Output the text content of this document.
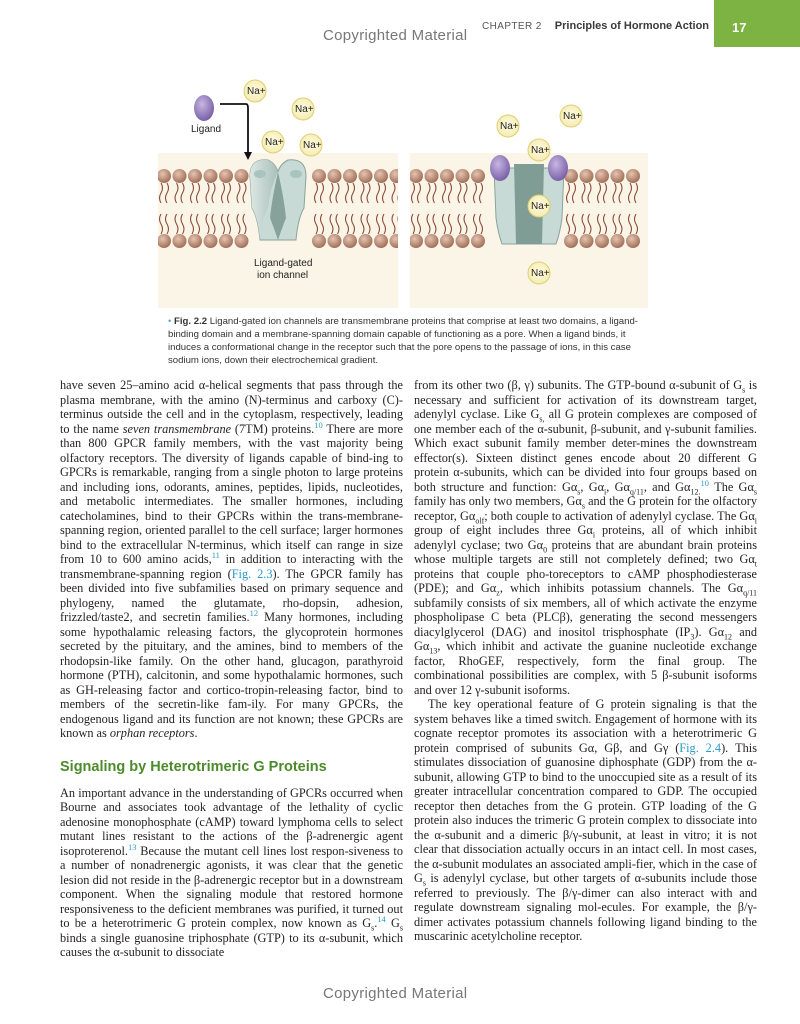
Copyrighted Material
CHAPTER 2 Principles of Hormone Action 17
Ligand
Na+
Na+
Na+ Na+
Ligand-gated
ion channel
Na+
Na+
Na+
Na+
Na+
• Fig. 2.2 Ligand-gated ion channels are transmembrane proteins that comprise at least two domains, a ligand-binding domain and a membrane-spanning domain capable of functioning as a pore. When a ligand binds, it induces a conformational change in the receptor such that the pore opens to the passage of ions, in this case sodium ions, down their electrochemical gradient.

have seven 25–amino acid α-helical segments that pass through the plasma membrane, with the amino (N)-terminus and carboxy (C)-terminus outside the cell and in the cytoplasm, respectively, leading to the name seven transmembrane (7TM) proteins.$^{10}$ There are more than 800 GPCR family members, with the vast majority being olfactory receptors. The diversity of ligands capable of bind-ing to GPCRs is remarkable, ranging from a single photon to large proteins and including ions, odorants, amines, peptides, lipids, nucleotides, and metabolic intermediates. The smaller hormones, including catecholamines, bind to their GPCRs within the trans-membrane-spanning region, oriented parallel to the cell surface; larger hormones bind to the extracellular N-terminus, which itself can range in size from 10 to 600 amino acids,$^{11}$ in addition to interacting with the transmembrane-spanning region (Fig. 2.3). The GPCR family has been divided into five subfamilies based on primary sequence and phylogeny, named the glutamate, rho-dopsin, adhesion, frizzled/taste2, and secretin families.$^{12}$ Many hormones, including some hypothalamic releasing factors, the glycoprotein hormones secreted by the pituitary, and the amines, bind to members of the rhodopsin-like family. On the other hand, glucagon, parathyroid hormone (PTH), calcitonin, and some hypothalamic hormones, such as GH-releasing factor and cortico-tropin-releasing factor, bind to members of the secretin-like fam-ily. For many GPCRs, the endogenous ligand and its function are not known; these GPCRs are known as orphan receptors.

Signaling by Heterotrimeric G Proteins

An important advance in the understanding of GPCRs occurred when Bourne and associates took advantage of the lethality of cyclic adenosine monophosphate (cAMP) toward lymphoma cells to select mutant lines resistant to the actions of the β-adrenergic agent isoproterenol.$^{13}$ Because the mutant cell lines lost respon-siveness to a number of nonadrenergic agonists, it was clear that the genetic lesion did not reside in the β-adrenergic receptor but in a downstream component. When the signaling module that restored hormone responsiveness to the deficient membranes was purified, it turned out to be a heterotrimeric G protein complex, now known as $G_s.^{14}$ $G_s$ binds a single guanosine triphosphate (GTP) to its α-subunit, which causes the α-subunit to dissociate

from its other two (β, γ) subunits. The GTP-bound α-subunit of $G_s$ is necessary and sufficient for activation of its downstream target, adenylyl cyclase. Like $G_{s,}$ all G protein complexes are composed of one member each of the α-subunit, β-subunit, and γ-subunit families. Which exact subunit family member deter-mines the downstream effector(s). Sixteen distinct genes encode about 20 different G protein α-subunits, which can be divided into four groups based on both structure and function: $G\alpha_s$, $G\alpha_i$, $G\alpha_{q/11}$, and $G\alpha_{12.}^{10}$ The $G\alpha_s$ family has only two members, $G\alpha_s$ and the G protein for the olfactory receptor, $G\alpha_{olf}$; both couple to activation of adenylyl cyclase. The $G\alpha_i$ group of eight includes three $G\alpha_i$ proteins, all of which inhibit adenylyl cyclase; two $G\alpha_0$ proteins that are abundant brain proteins whose multiple targets are still not completely defined; two $G\alpha_t$ proteins that couple pho-toreceptors to cAMP phosphodiesterase (PDE); and $G\alpha_z$, which inhibits potassium channels. The $G\alpha_{q/11}$ subfamily consists of six members, all of which activate the enzyme phospholipase C beta (PLCβ), generating the second messengers diacylglycerol (DAG) and inositol trisphosphate $(IP_3)$. $G\alpha_{12}$ and $G\alpha_{13}$, which inhibit and activate the guanine nucleotide exchange factor, RhoGEF, respectively, form the final group. The combinational possibilities are complex, with 5 β-subunit isoforms and over 12 γ-subunit isoforms.

The key operational feature of G protein signaling is that the system behaves like a timed switch. Engagement of hormone with its cognate receptor promotes its association with a heterotrimeric G protein comprised of subunits Gα, Gβ, and Gγ (Fig. 2.4). This stimulates dissociation of guanosine diphosphate (GDP) from the α-subunit, allowing GTP to bind to the unoccupied site as a result of its greater intracellular concentration compared to GDP. The occupied receptor then detaches from the G protein. GTP loading of the G protein also induces the trimeric G protein complex to dissociate into the α-subunit and a dimeric β/γ-subunit, at least in vitro; it is not clear that dissociation actually occurs in an intact cell. In most cases, the α-subunit modulates an associated ampli-fier, which in the case of $G_s$ is adenylyl cyclase, but other targets of α-subunits include those referred to previously. The β/γ-dimer can also interact with and regulate downstream signaling mol-ecules. For example, the β/γ-dimer activates potassium channels following ligand binding to the muscarinic acetylcholine receptor.

Copyrighted Material
